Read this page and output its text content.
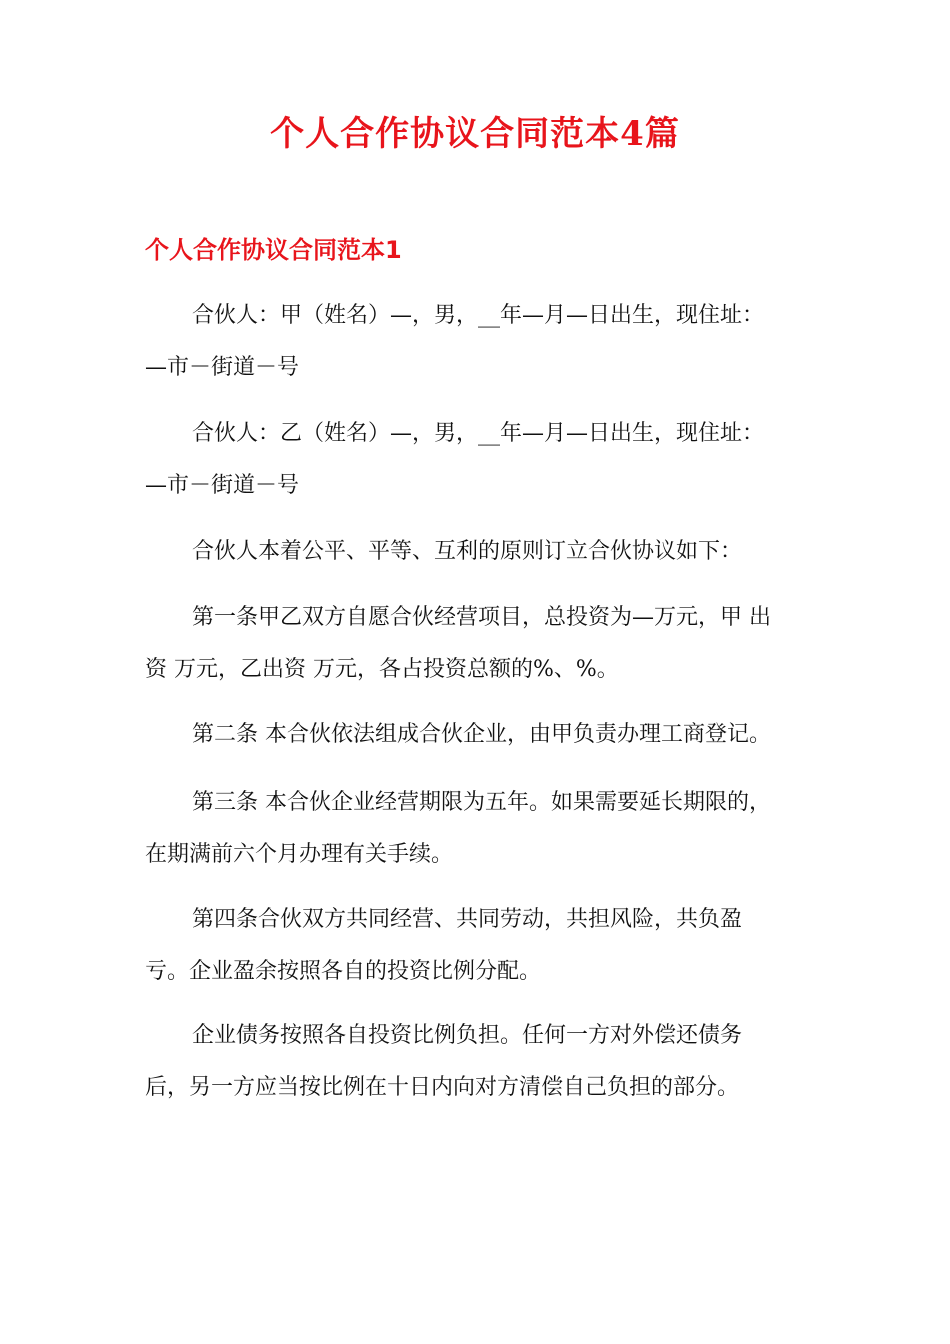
个人合作协议合同范本4篇
个人合作协议合同范本1
合伙人：甲（姓名）—，男，__年—月—日出生，现住址：
—市－街道－号
合伙人：乙（姓名）—，男，__年—月—日出生，现住址：
—市－街道－号
合伙人本着公平、平等、互利的原则订立合伙协议如下：
第一条甲乙双方自愿合伙经营项目，总投资为—万元，甲 出
资 万元，乙出资 万元，各占投资总额的%、%。
第二条 本合伙依法组成合伙企业，由甲负责办理工商登记。
第三条 本合伙企业经营期限为五年。如果需要延长期限的，
在期满前六个月办理有关手续。
第四条合伙双方共同经营、共同劳动，共担风险，共负盈
亏。企业盈余按照各自的投资比例分配。
企业债务按照各自投资比例负担。任何一方对外偿还债务
后，另一方应当按比例在十日内向对方清偿自己负担的部分。
